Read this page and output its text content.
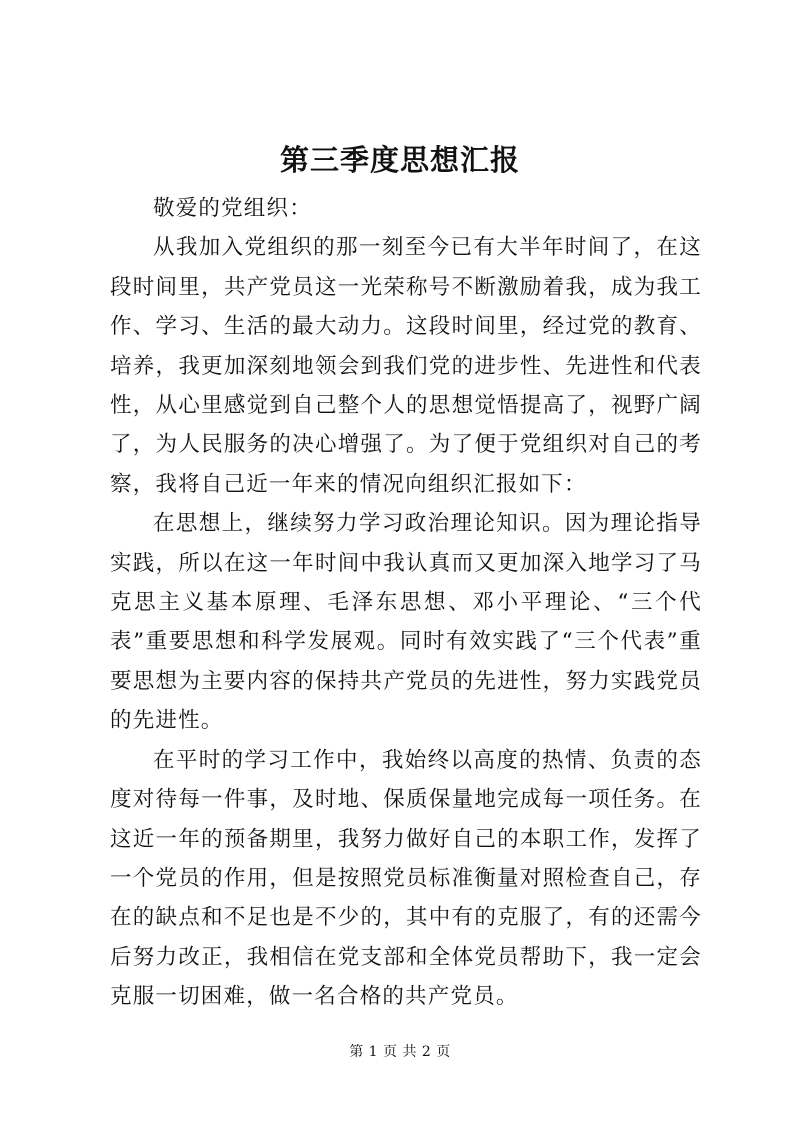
第三季度思想汇报

敬爱的党组织：

从我加入党组织的那一刻至今已有大半年时间了，在这段时间里，共产党员这一光荣称号不断激励着我，成为我工作、学习、生活的最大动力。这段时间里，经过党的教育、培养，我更加深刻地领会到我们党的进步性、先进性和代表性，从心里感觉到自己整个人的思想觉悟提高了，视野广阔了，为人民服务的决心增强了。为了便于党组织对自己的考察，我将自己近一年来的情况向组织汇报如下：

在思想上，继续努力学习政治理论知识。因为理论指导实践，所以在这一年时间中我认真而又更加深入地学习了马克思主义基本原理、毛泽东思想、邓小平理论、“三个代表”重要思想和科学发展观。同时有效实践了“三个代表”重要思想为主要内容的保持共产党员的先进性，努力实践党员的先进性。

在平时的学习工作中，我始终以高度的热情、负责的态度对待每一件事，及时地、保质保量地完成每一项任务。在这近一年的预备期里，我努力做好自己的本职工作，发挥了一个党员的作用，但是按照党员标准衡量对照检查自己，存在的缺点和不足也是不少的，其中有的克服了，有的还需今后努力改正，我相信在党支部和全体党员帮助下，我一定会克服一切困难，做一名合格的共产党员。

第 1 页 共 2 页
